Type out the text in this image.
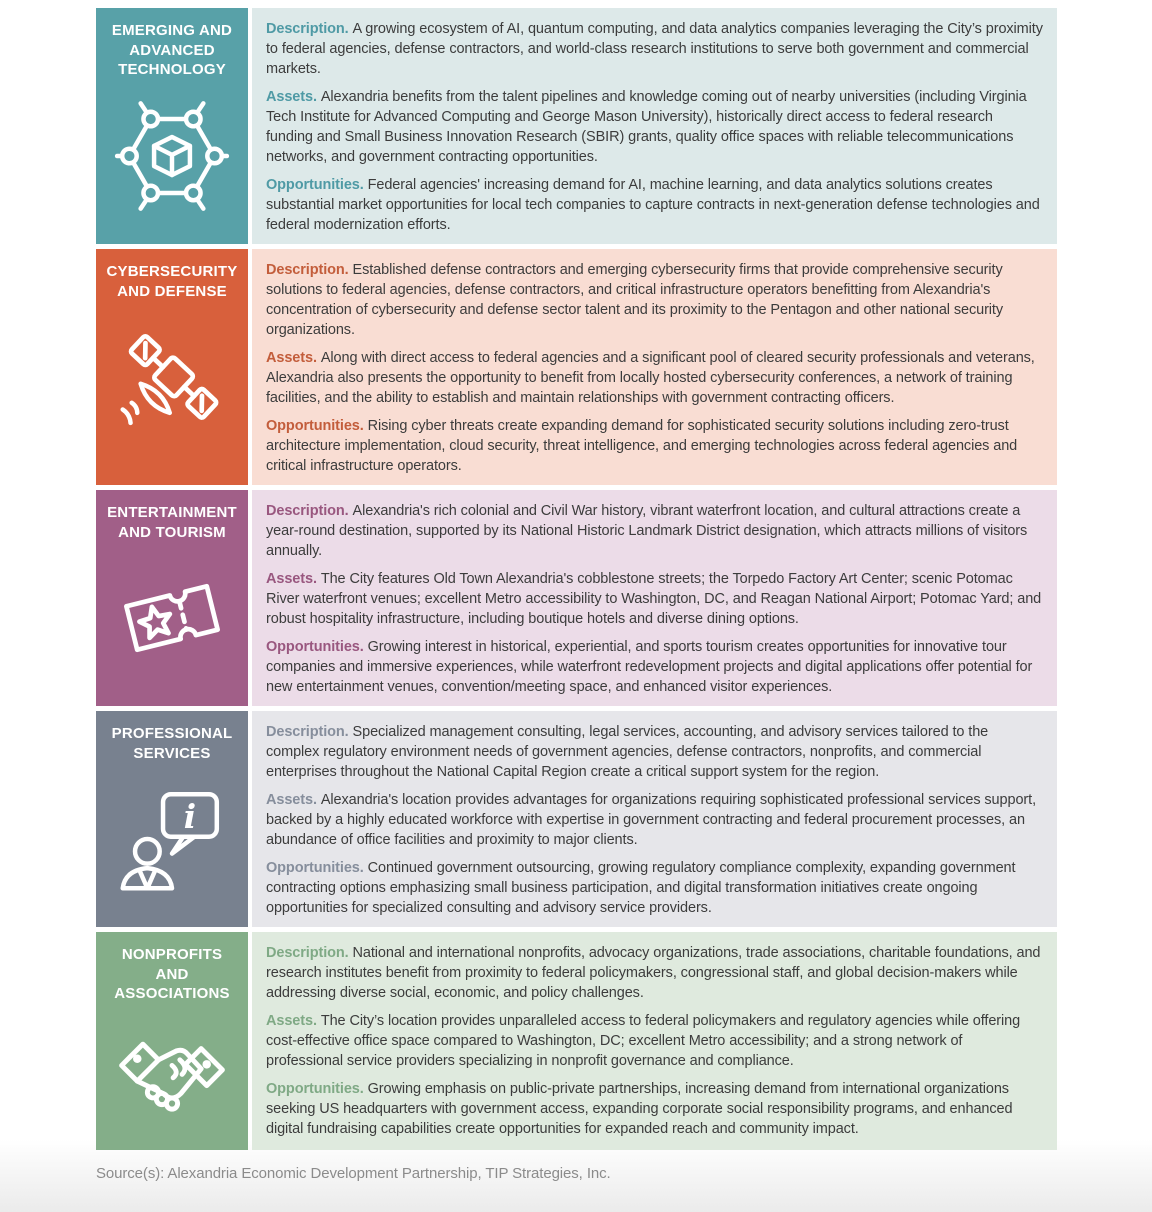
EMERGING AND ADVANCED TECHNOLOGY

Description. A growing ecosystem of AI, quantum computing, and data analytics companies leveraging the City’s proximity to federal agencies, defense contractors, and world-class research institutions to serve both government and commercial markets.

Assets. Alexandria benefits from the talent pipelines and knowledge coming out of nearby universities (including Virginia Tech Institute for Advanced Computing and George Mason University), historically direct access to federal research funding and Small Business Innovation Research (SBIR) grants, quality office spaces with reliable telecommunications networks, and government contracting opportunities.

Opportunities. Federal agencies' increasing demand for AI, machine learning, and data analytics solutions creates substantial market opportunities for local tech companies to capture contracts in next-generation defense technologies and federal modernization efforts.

CYBERSECURITY AND DEFENSE

Description. Established defense contractors and emerging cybersecurity firms that provide comprehensive security solutions to federal agencies, defense contractors, and critical infrastructure operators benefitting from Alexandria's concentration of cybersecurity and defense sector talent and its proximity to the Pentagon and other national security organizations.

Assets. Along with direct access to federal agencies and a significant pool of cleared security professionals and veterans, Alexandria also presents the opportunity to benefit from locally hosted cybersecurity conferences, a network of training facilities, and the ability to establish and maintain relationships with government contracting officers.

Opportunities. Rising cyber threats create expanding demand for sophisticated security solutions including zero-trust architecture implementation, cloud security, threat intelligence, and emerging technologies across federal agencies and critical infrastructure operators.

ENTERTAINMENT AND TOURISM

Description. Alexandria's rich colonial and Civil War history, vibrant waterfront location, and cultural attractions create a year-round destination, supported by its National Historic Landmark District designation, which attracts millions of visitors annually.

Assets. The City features Old Town Alexandria's cobblestone streets; the Torpedo Factory Art Center; scenic Potomac River waterfront venues; excellent Metro accessibility to Washington, DC, and Reagan National Airport; Potomac Yard; and robust hospitality infrastructure, including boutique hotels and diverse dining options.

Opportunities. Growing interest in historical, experiential, and sports tourism creates opportunities for innovative tour companies and immersive experiences, while waterfront redevelopment projects and digital applications offer potential for new entertainment venues, convention/meeting space, and enhanced visitor experiences.

PROFESSIONAL SERVICES
i

Description. Specialized management consulting, legal services, accounting, and advisory services tailored to the complex regulatory environment needs of government agencies, defense contractors, nonprofits, and commercial enterprises throughout the National Capital Region create a critical support system for the region.

Assets. Alexandria's location provides advantages for organizations requiring sophisticated professional services support, backed by a highly educated workforce with expertise in government contracting and federal procurement processes, an abundance of office facilities and proximity to major clients.

Opportunities. Continued government outsourcing, growing regulatory compliance complexity, expanding government contracting options emphasizing small business participation, and digital transformation initiatives create ongoing opportunities for specialized consulting and advisory service providers.

NONPROFITS AND ASSOCIATIONS

Description. National and international nonprofits, advocacy organizations, trade associations, charitable foundations, and research institutes benefit from proximity to federal policymakers, congressional staff, and global decision-makers while addressing diverse social, economic, and policy challenges.

Assets. The City’s location provides unparalleled access to federal policymakers and regulatory agencies while offering cost-effective office space compared to Washington, DC; excellent Metro accessibility; and a strong network of professional service providers specializing in nonprofit governance and compliance.

Opportunities. Growing emphasis on public-private partnerships, increasing demand from international organizations seeking US headquarters with government access, expanding corporate social responsibility programs, and enhanced digital fundraising capabilities create opportunities for expanded reach and community impact.

Source(s): Alexandria Economic Development Partnership, TIP Strategies, Inc.
